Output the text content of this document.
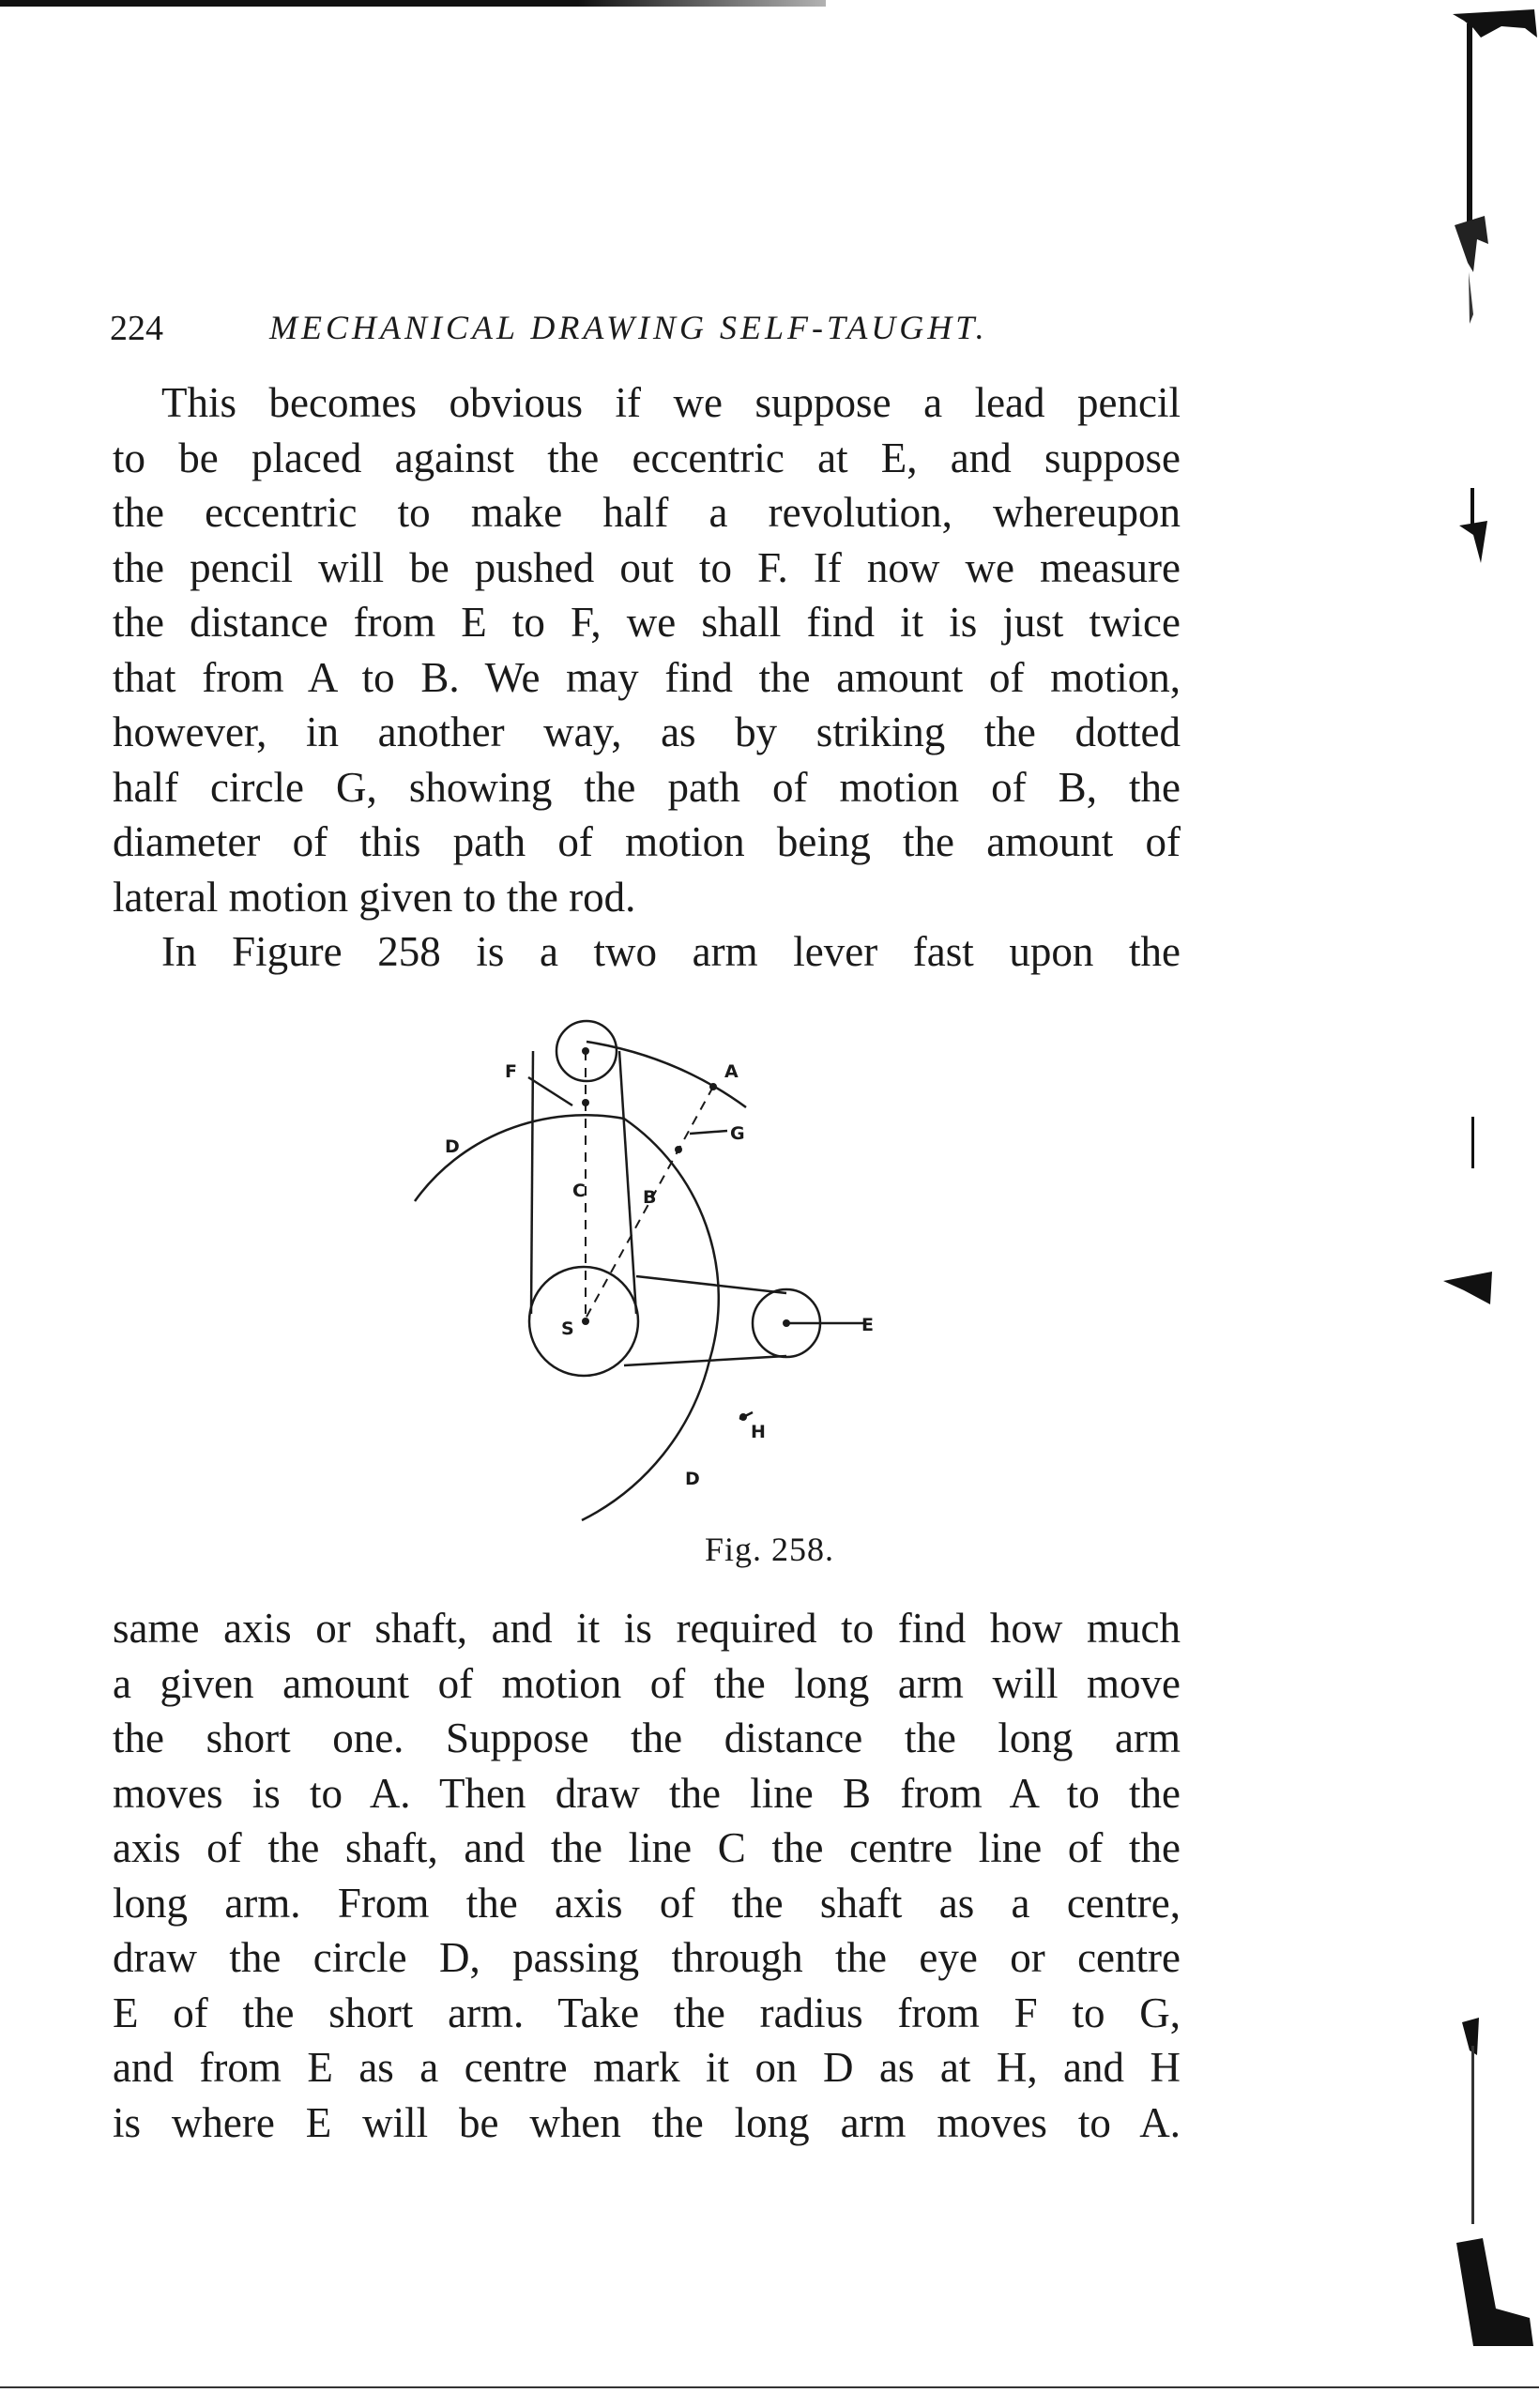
224	MECHANICAL DRAWING SELF-TAUGHT.
This becomes obvious if we suppose a lead pencil
to be placed against the eccentric at E, and suppose
the eccentric to make half a revolution, whereupon
the pencil will be pushed out to F. If now we measure
the distance from E to F, we shall find it is just twice
that from A to B. We may find the amount of motion,
however, in another way, as by striking the dotted
half circle G, showing the path of motion of B, the
diameter of this path of motion being the amount of
lateral motion given to the rod.
In Figure 258 is a two arm lever fast upon the
A
F
G
D
C	B
S	E
H
D
Fig. 258.
same axis or shaft, and it is required to find how much
a given amount of motion of the long arm will move
the short one. Suppose the distance the long arm
moves is to A. Then draw the line B from A to the
axis of the shaft, and the line C the centre line of the
long arm. From the axis of the shaft as a centre,
draw the circle D, passing through the eye or centre
E of the short arm. Take the radius from F to G,
and from E as a centre mark it on D as at H, and H
is where E will be when the long arm moves to A.
